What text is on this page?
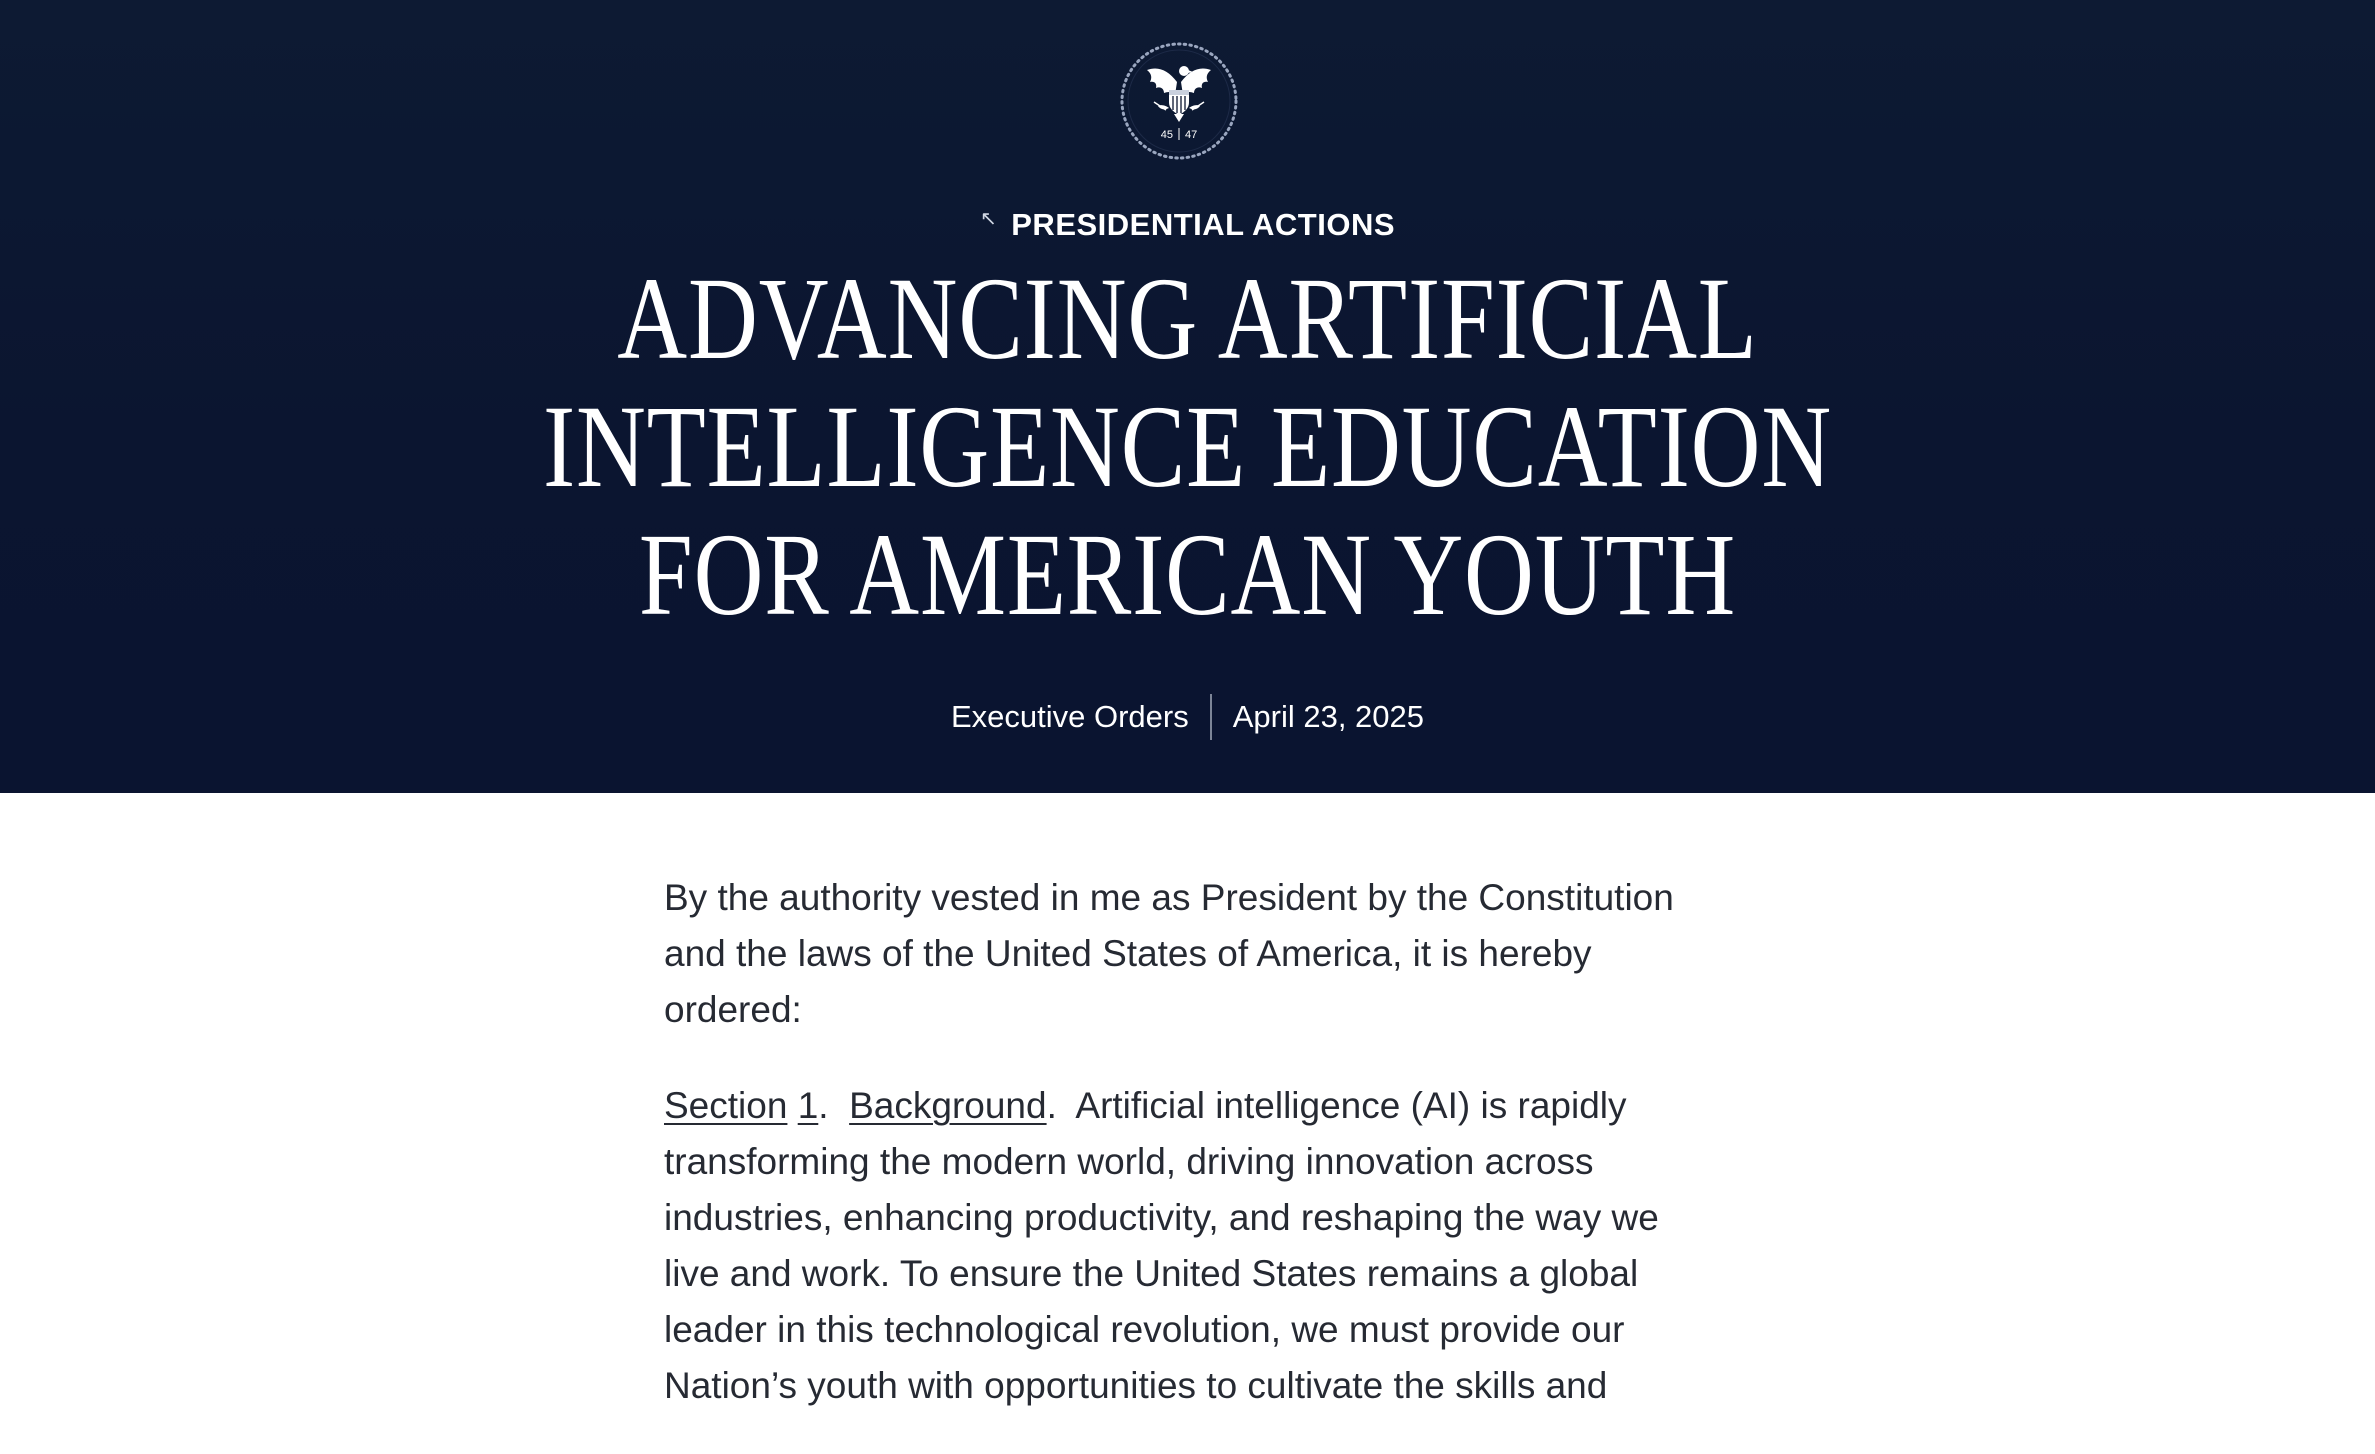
45 47
↖ PRESIDENTIAL ACTIONS
ADVANCING ARTIFICIAL
INTELLIGENCE EDUCATION
FOR AMERICAN YOUTH
Executive Orders	April 23, 2025

By the authority vested in me as President by the Constitution and the laws of the United States of America, it is hereby ordered:

Section 1.  Background.  Artificial intelligence (AI) is rapidly transforming the modern world, driving innovation across industries, enhancing productivity, and reshaping the way we live and work. To ensure the United States remains a global leader in this technological revolution, we must provide our Nation’s youth with opportunities to cultivate the skills and
